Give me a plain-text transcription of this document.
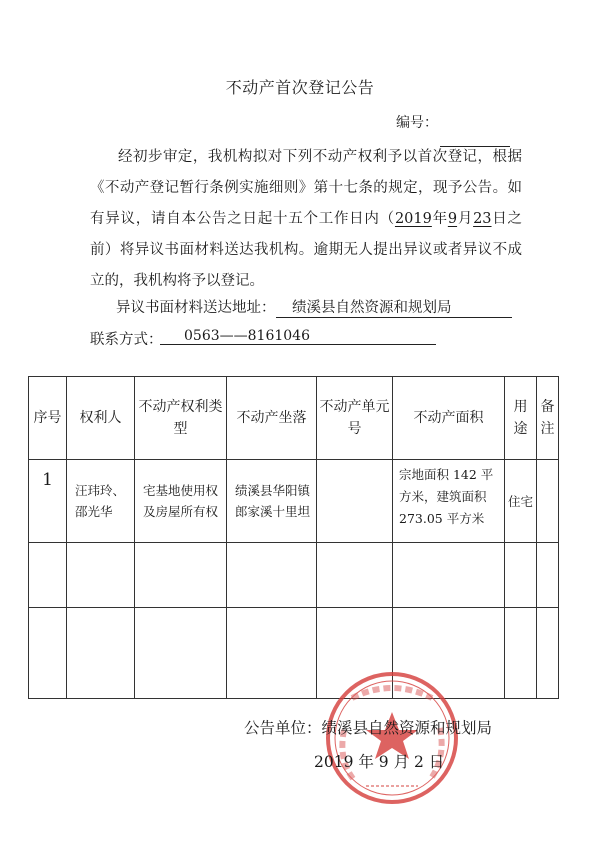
不动产首次登记公告
编号：

经初步审定，我机构拟对下列不动产权利予以首次登记，根据《不动产登记暂行条例实施细则》第十七条的规定，现予公告。如有异议，请自本公告之日起十五个工作日内（2019年9月23日之前）将异议书面材料送达我机构。逾期无人提出异议或者异议不成立的，我机构将予以登记。

异议书面材料送达地址：	绩溪县自然资源和规划局
联系方式：	0563——8161046
序号	权利人	不动产权利类型	不动产坐落	不动产单元号	不动产面积	用途	备注
1	汪玮玲、邵光华	宅基地使用权及房屋所有权	绩溪县华阳镇郎家溪十里坦		宗地面积 142 平方米，建筑面积 273.05 平方米	住宅	

公告单位：绩溪县自然资源和规划局
2019 年 9 月 2 日
